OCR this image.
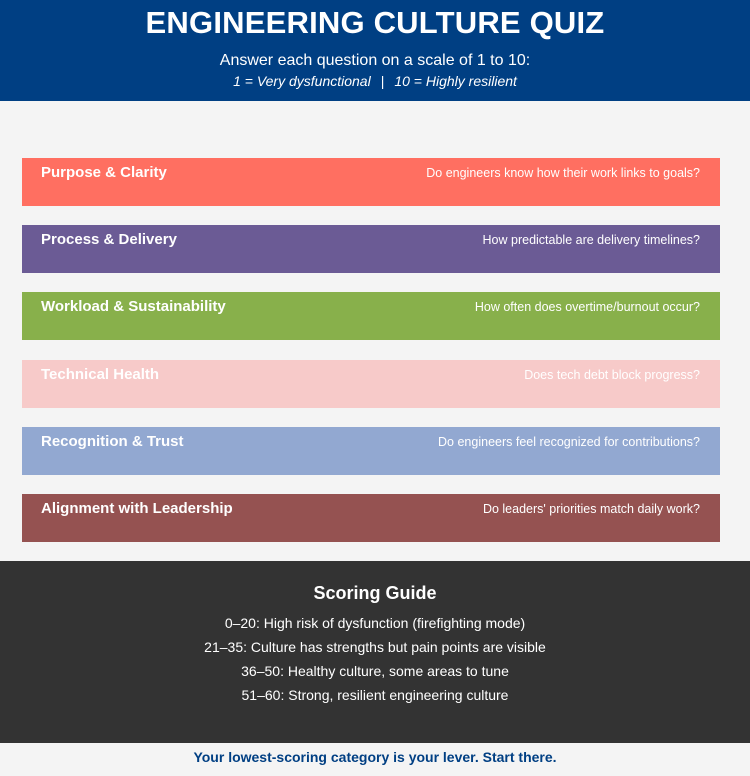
ENGINEERING CULTURE QUIZ
Answer each question on a scale of 1 to 10:
1 = Very dysfunctional | 10 = Highly resilient
Purpose & Clarity	Do engineers know how their work links to goals?
Process & Delivery	How predictable are delivery timelines?
Workload & Sustainability	How often does overtime/burnout occur?
Technical Health	Does tech debt block progress?
Recognition & Trust	Do engineers feel recognized for contributions?
Alignment with Leadership	Do leaders' priorities match daily work?
Scoring Guide
0–20: High risk of dysfunction (firefighting mode)
21–35: Culture has strengths but pain points are visible
36–50: Healthy culture, some areas to tune
51–60: Strong, resilient engineering culture
Your lowest-scoring category is your lever. Start there.
